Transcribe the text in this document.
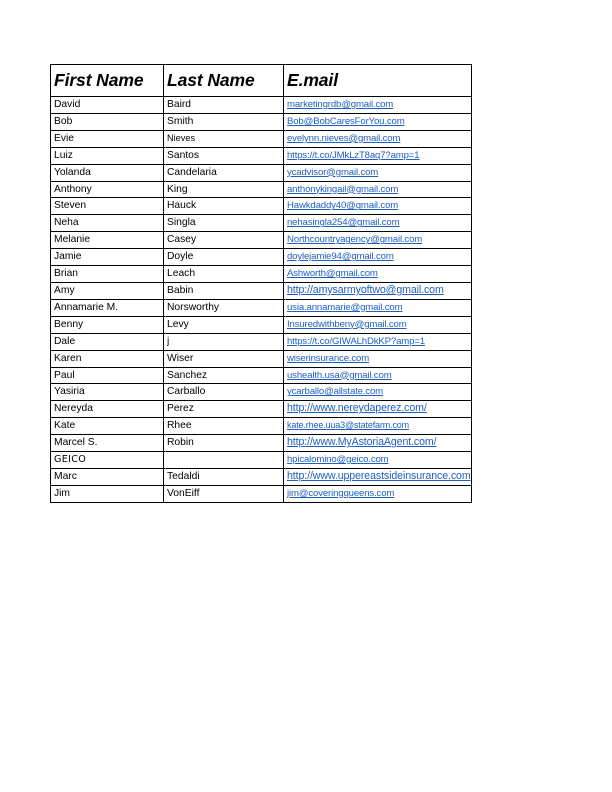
First Name	Last Name	E.mail
David	Baird	marketingrdb@gmail.com
Bob	Smith	Bob@BobCaresForYou.com
Evie	Nieves	evelynn.nieves@gmail.com
Luiz	Santos	https://t.co/JMkLzT8aq7?amp=1
Yolanda	Candelaria	ycadvisor@gmail.com
Anthony	King	anthonykingail@gmail.com
Steven	Hauck	Hawkdaddy40@gmail.com
Neha	Singla	nehasingla254@gmail.com
Melanie	Casey	Northcountryagency@gmail.com
Jamie	Doyle	doylejamie94@gmail.com
Brian	Leach	Ashworth@gmail.com
Amy	Babin	http://amysarmyoftwo@gmail.com
Annamarie M.	Norsworthy	usia.annamarie@gmail.com
Benny	Levy	Insuredwithbeny@gmail.com
Dale	j	https://t.co/GIWALhDkKP?amp=1
Karen	Wiser	wiserinsurance.com
Paul	Sanchez	ushealth.usa@gmail.com
Yasiria	Carballo	ycarballo@allstate.com
Nereyda	Perez	http://www.nereydaperez.com/
Kate	Rhee	kate.rhee.uua3@statefarm.com
Marcel S.	Robin	http://www.MyAstoriaAgent.com/
GEICO		hpicalomino@geico.com
Marc	Tedaldi	http://www.uppereastsideinsurance.com
Jim	VonEiff	jim@coveringqueens.com
